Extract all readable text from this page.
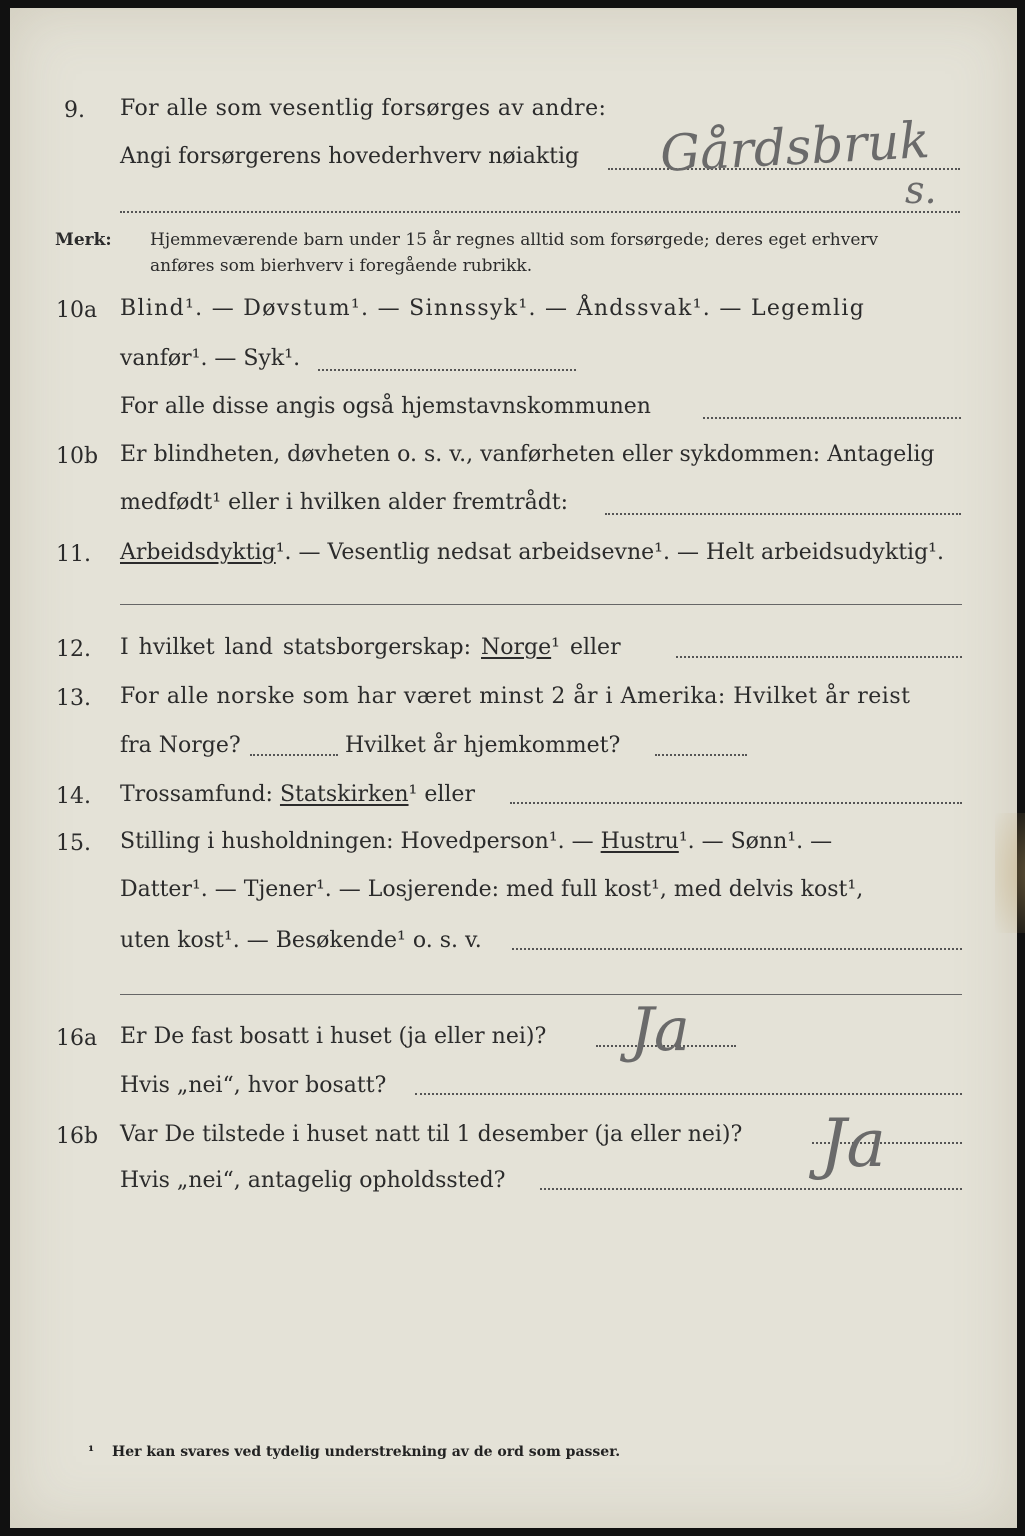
9. For alle som vesentlig forsørges av andre:
Angi forsørgerens hovederhverv nøiaktig Gårdsbruk
s.
Merk: Hjemmeværende barn under 15 år regnes alltid som forsørgede; deres eget erhverv
anføres som bierhverv i foregående rubrikk.
10a Blind¹. — Døvstum¹. — Sinnssyk¹. — Åndssvak¹. — Legemlig
vanfør¹. — Syk¹.
For alle disse angis også hjemstavnskommunen
10b Er blindheten, døvheten o. s. v., vanførheten eller sykdommen: Antagelig
medfødt¹ eller i hvilken alder fremtrådt:
11. Arbeidsdyktig¹. — Vesentlig nedsat arbeidsevne¹. — Helt arbeidsudyktig¹.
12. I hvilket land statsborgerskap: Norge¹ eller
13. For alle norske som har været minst 2 år i Amerika: Hvilket år reist
fra Norge?	Hvilket år hjemkommet?
14. Trossamfund: Statskirken¹ eller
15. Stilling i husholdningen: Hovedperson¹. — Hustru¹. — Sønn¹. —
Datter¹. — Tjener¹. — Losjerende: med full kost¹, med delvis kost¹,
uten kost¹. — Besøkende¹ o. s. v.
16a Er De fast bosatt i huset (ja eller nei)? Ja
Hvis „nei“, hvor bosatt?
16b Var De tilstede i huset natt til 1 desember (ja eller nei)? Ja
Hvis „nei“, antagelig opholdssted?
¹ Her kan svares ved tydelig understrekning av de ord som passer.
